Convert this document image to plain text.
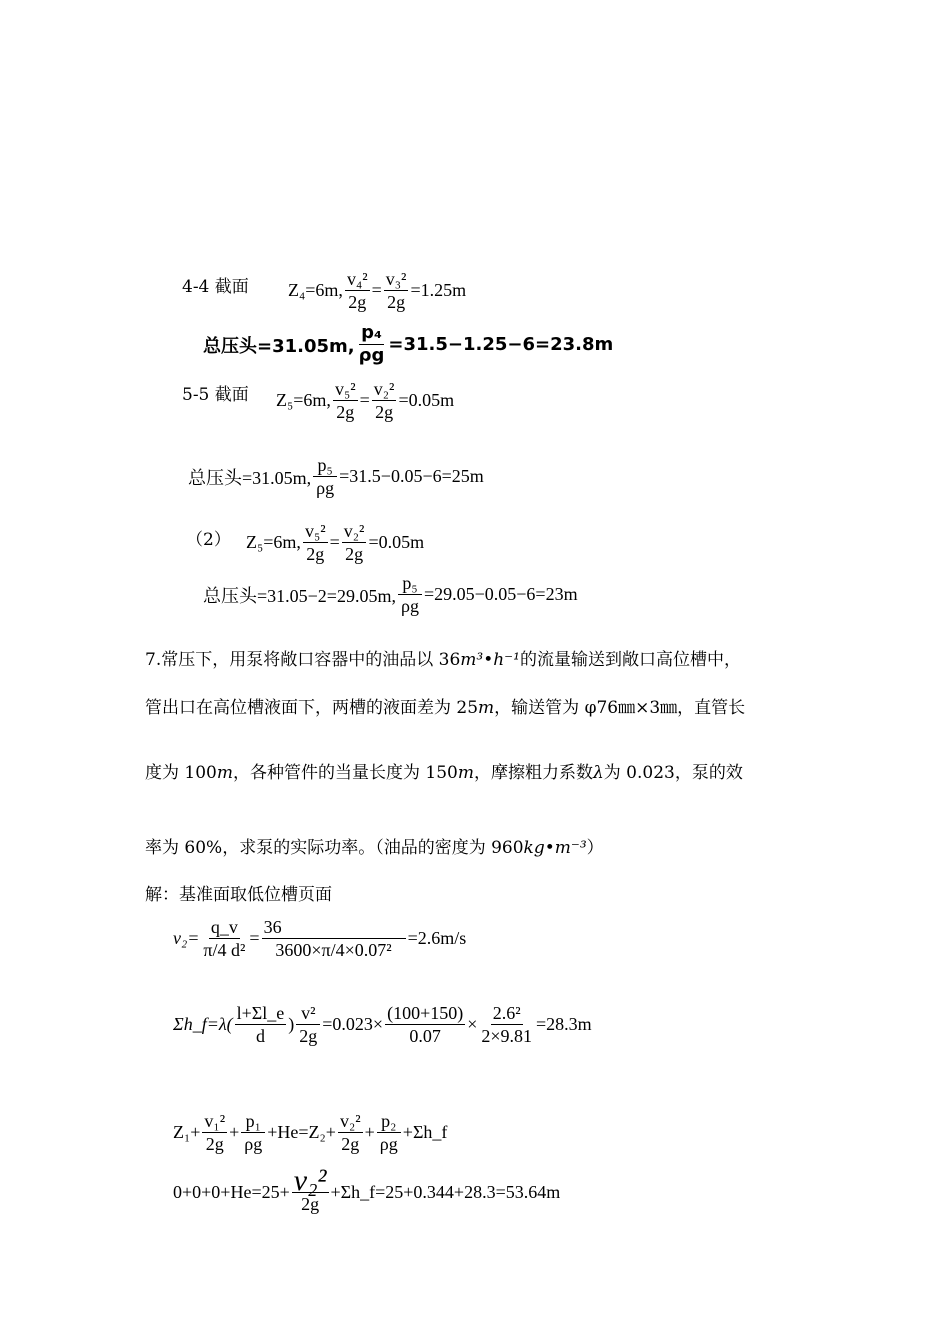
4-4 截面 Z₄=6m, $\frac{\text{v₄²}}{2g} = \frac{\text{v₃²}}{2g} =1.25m$
总压头=31.05m, $\frac{\text{p₄}}{\rho g} =31.5-1.25-6=23.8m$
5-5 截面 Z₅=6m, $\frac{\text{v₅²}}{2g} = \frac{\text{v₂²}}{2g} =0.05m$
总压头=31.05m, $\frac{\text{p₅}}{\rho g} =31.5-0.05-6=25m$
（2） Z₅=6m, $\frac{\text{v₅²}}{2g} = \frac{\text{v₂²}}{2g} =0.05m$
总压头=31.05−2=29.05m, $\frac{\text{p₅}}{\rho g} =29.05-0.05-6=23m$
7.常压下，用泵将敞口容器中的油品以 36m³•h⁻¹的流量输送到敞口高位槽中，
管出口在高位槽液面下，两槽的液面差为 25m，输送管为 φ76㎜×3㎜，直管长
度为 100m，各种管件的当量长度为 150m，摩擦粗力系数λ为 0.023，泵的效
率为 60%，求泵的实际功率。（油品的密度为 960kg•m⁻³）
解：基准面取低位槽页面
$v_2= \frac{q\_v}{\text{π/4 d²}} = \frac{36}{\text{3600×π/4×0.07²}} =2.6m/s$
Σh_f=λ(
l+Σl_e
d
) $\frac{\text{v²}}{2g} =0.023\times \frac{(100+150)}{0.07} \times \frac{\text{2.6²}}{2\times 9.81} =28.3m$
$Z_1+ \frac{\text{v₁²}}{2g} + \frac{\text{p₁}}{\rho g} +He=Z_2+ \frac{\text{v₂²}}{2g} + \frac{\text{p₂}}{\rho g}$ +Σh_f
0+0+0+He=25+ v₂²
2g
+Σh_f=25+0.344+28.3=53.64m
